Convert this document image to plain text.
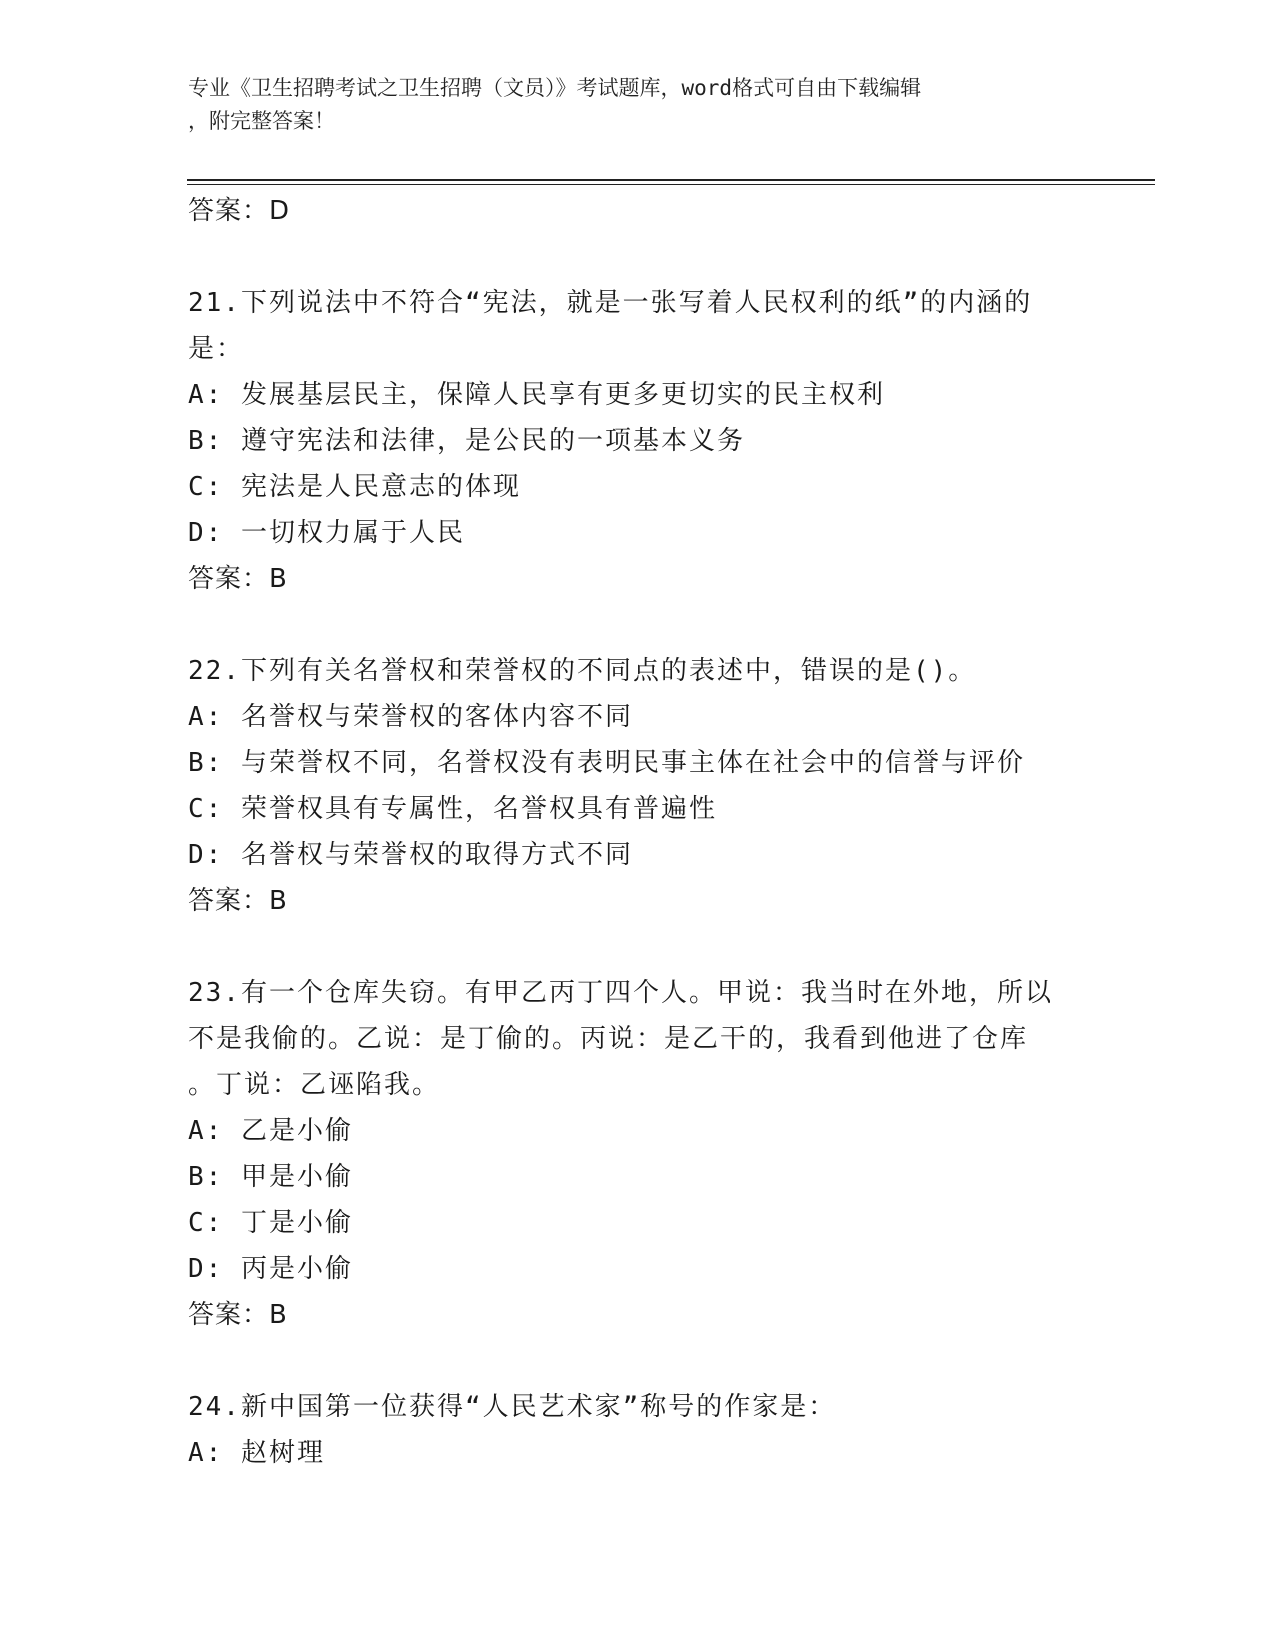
专业《卫生招聘考试之卫生招聘（文员）》考试题库，word格式可自由下载编辑
，附完整答案！
答案：D
21.下列说法中不符合“宪法，就是一张写着人民权利的纸”的内涵的
是：
A: 发展基层民主，保障人民享有更多更切实的民主权利
B: 遵守宪法和法律，是公民的一项基本义务
C: 宪法是人民意志的体现
D: 一切权力属于人民
答案：B
22.下列有关名誉权和荣誉权的不同点的表述中，错误的是()。
A: 名誉权与荣誉权的客体内容不同
B: 与荣誉权不同，名誉权没有表明民事主体在社会中的信誉与评价
C: 荣誉权具有专属性，名誉权具有普遍性
D: 名誉权与荣誉权的取得方式不同
答案：B
23.有一个仓库失窃。有甲乙丙丁四个人。甲说：我当时在外地，所以
不是我偷的。乙说：是丁偷的。丙说：是乙干的，我看到他进了仓库
。丁说：乙诬陷我。
A: 乙是小偷
B: 甲是小偷
C: 丁是小偷
D: 丙是小偷
答案：B
24.新中国第一位获得“人民艺术家”称号的作家是：
A: 赵树理
